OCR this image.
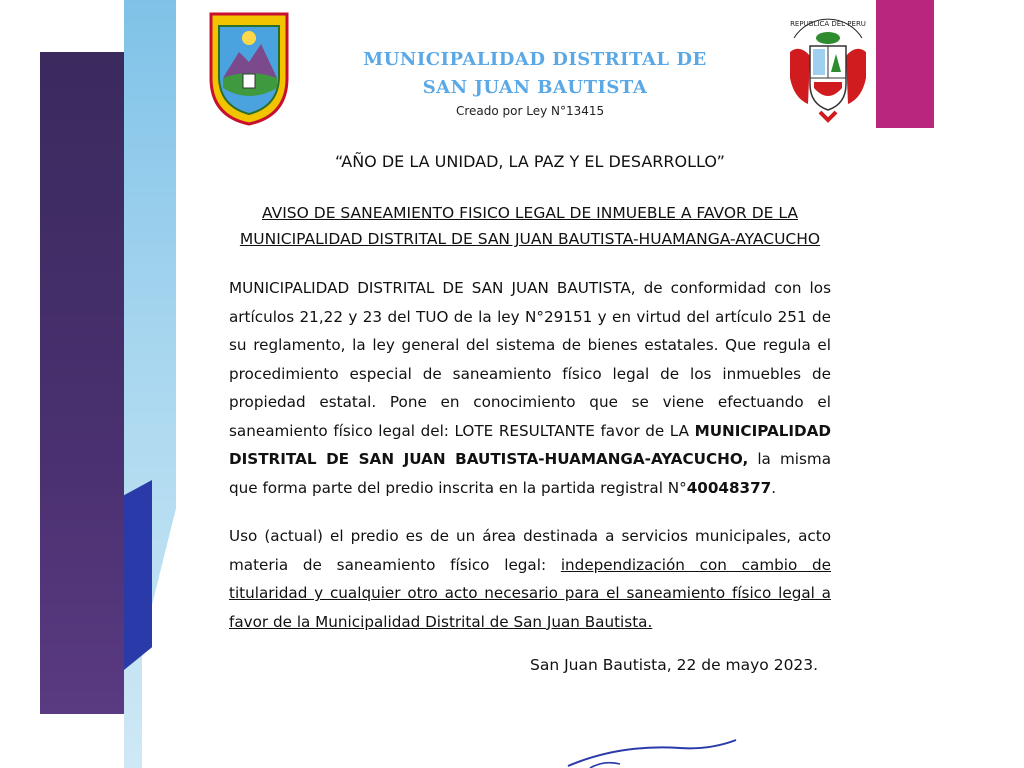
REPUBLICA DEL PERU
MUNICIPALIDAD DISTRITAL DE
SAN JUAN BAUTISTA
Creado por Ley N°13415
“AÑO DE LA UNIDAD, LA PAZ Y EL DESARROLLO”
AVISO DE SANEAMIENTO FISICO LEGAL DE INMUEBLE A FAVOR DE LA
MUNICIPALIDAD DISTRITAL DE SAN JUAN BAUTISTA-HUAMANGA-AYACUCHO
MUNICIPALIDAD DISTRITAL DE SAN JUAN BAUTISTA, de conformidad con los artículos 21,22 y 23 del TUO de la ley N°29151 y en virtud del artículo 251 de su reglamento, la ley general del sistema de bienes estatales. Que regula el procedimiento especial de saneamiento físico legal de los inmuebles de propiedad estatal. Pone en conocimiento que se viene efectuando el saneamiento físico legal del: LOTE RESULTANTE favor de LA MUNICIPALIDAD DISTRITAL DE SAN JUAN BAUTISTA-HUAMANGA-AYACUCHO, la misma que forma parte del predio inscrita en la partida registral N°40048377.
Uso (actual) el predio es de un área destinada a servicios municipales, acto materia de saneamiento físico legal: independización con cambio de titularidad y cualquier otro acto necesario para el saneamiento físico legal a favor de la Municipalidad Distrital de San Juan Bautista.
San Juan Bautista, 22 de mayo 2023.
